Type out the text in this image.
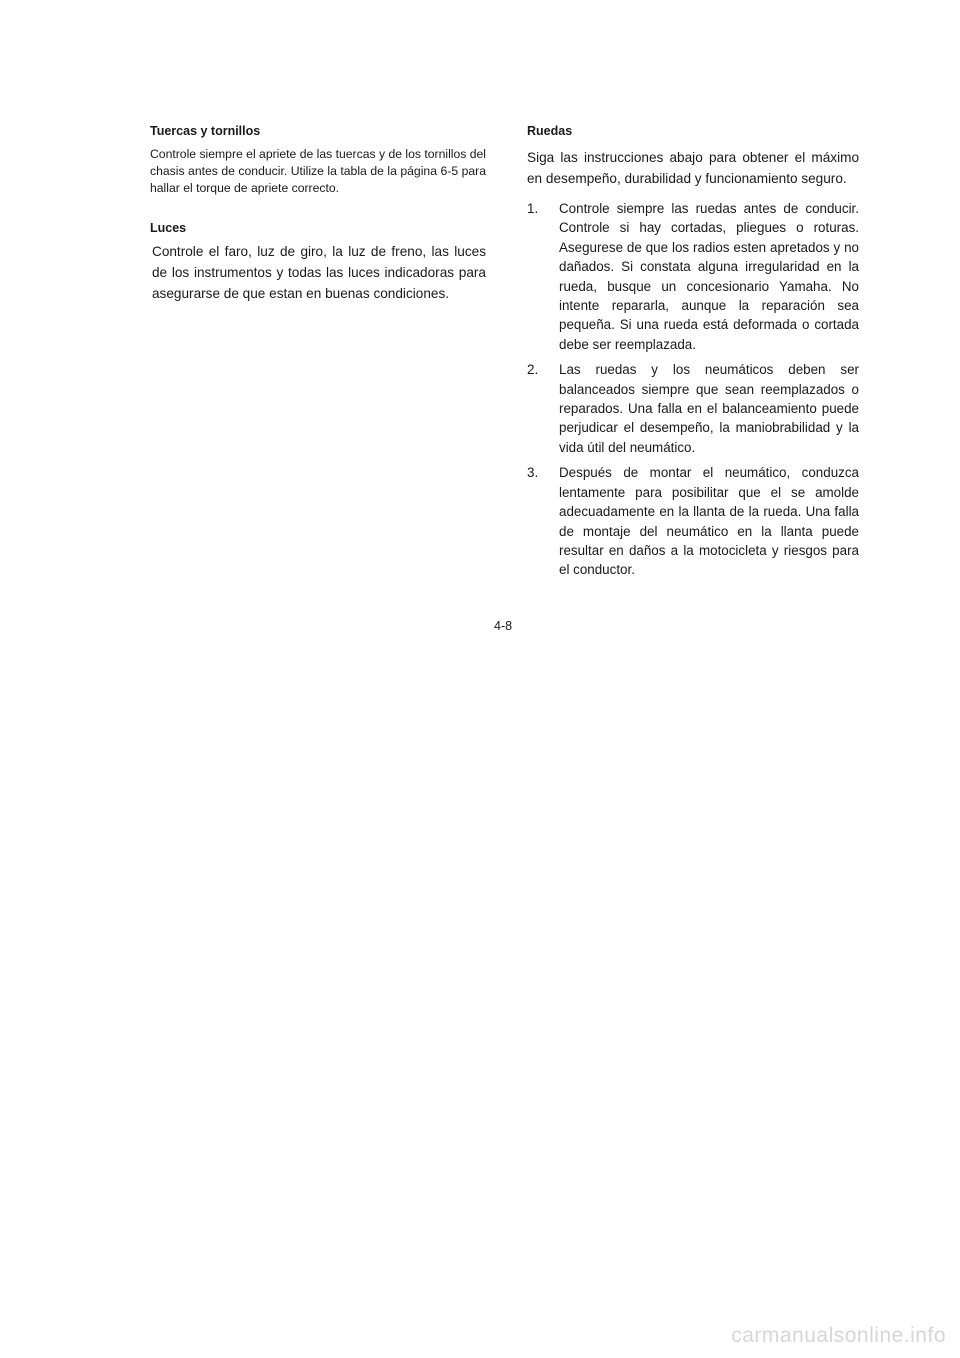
Tuercas y tornillos

Controle siempre el apriete de las tuercas y de los tornillos del chasis antes de conducir. Utilize la tabla de la página 6-5 para hallar el torque de apriete correcto.

Luces

Controle el faro, luz de giro, la luz de freno, las luces de los instrumentos y todas las luces indicadoras para asegurarse de que estan en buenas condiciones.

Ruedas

Siga las instrucciones abajo para obtener el máximo en desempeño, durabilidad y funcionamiento seguro.

1. Controle siempre las ruedas antes de conducir. Controle si hay cortadas, pliegues o roturas. Asegurese de que los radios esten apretados y no dañados. Si constata alguna irregularidad en la rueda, busque un concesionario Yamaha. No intente repararla, aunque la reparación sea pequeña. Si una rueda está deformada o cortada debe ser reemplazada.
2. Las ruedas y los neumáticos deben ser balanceados siempre que sean reemplazados o reparados. Una falla en el balanceamiento puede perjudicar el desempeño, la maniobrabilidad y la vida útil del neumático.
3. Después de montar el neumático, conduzca lentamente para posibilitar que el se amolde adecuadamente en la llanta de la rueda. Una falla de montaje del neumático en la llanta puede resultar en daños a la motocicleta y riesgos para el conductor.
4-8
carmanualsonline.info
